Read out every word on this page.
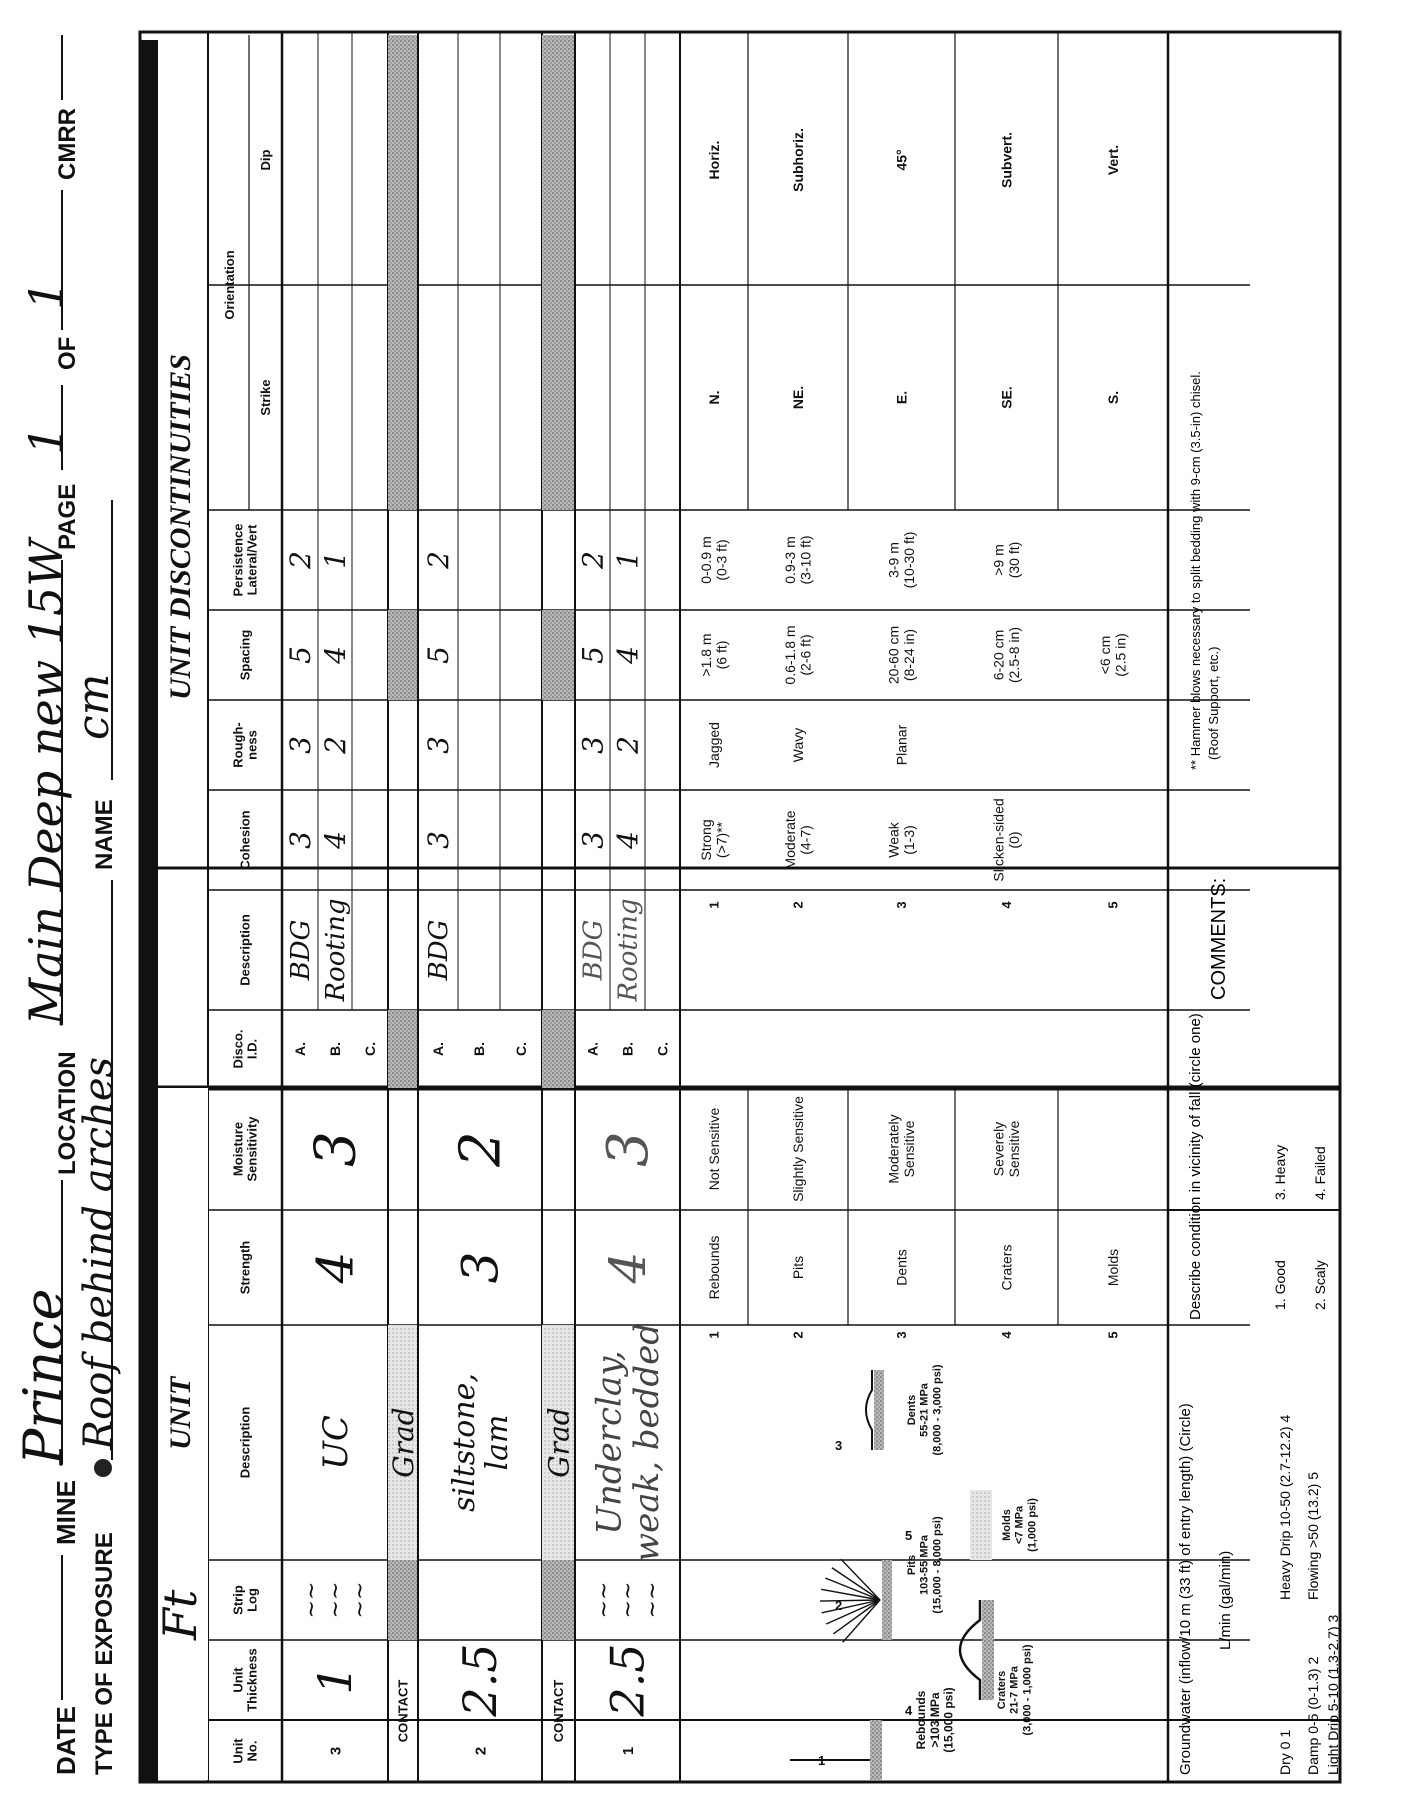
DATE
MINE
Prince
LOCATION
Main Deep new 15W
PAGE
1
OF
1
CMRR
TYPE OF EXPOSURE
Roof behind arches
NAME
cm
UNIT
Ft
UNIT DISCONTINUITIES
Unit No.
Unit Thickness
Strip Log
Description
Strength
Moisture Sensitivity
Disco. I.D.
Description
Cohesion
Rough- ness
Spacing
Persistence Lateral/Vert
Orientation
Strike
Dip
A.
BDG
3
3
5
2
B.
Rooting
4
2
4
1
C.
3
1
~~ ~~ ~~
UC
4
3
CONTACT
Grad
A.
BDG
3
3
5
2
B. C.
2
2.5
siltstone,
lam
3
2
CONTACT
Grad
A.
BDG
3
3
5
2
B.
Rooting
4
2
4
1
C.
1
2.5
~~ ~~ ~~
Underclay,
weak, bedded
4
3
Rebounds
Not Sensitive
1
1
Strong (>7)**
Jagged
>1.8 m (6 ft)
0-0.9 m (0-3 ft)
N.
Horiz.
Pits
Slightly Sensitive
2
2
Moderate (4-7)
Wavy
0.6-1.8 m (2-6 ft)
0.9-3 m (3-10 ft)
NE.
Subhoriz.
Dents
Moderately Sensitive
3
3
Weak (1-3)
Planar
20-60 cm (8-24 in)
3-9 m (10-30 ft)
E.
45°
Craters
Severely Sensitive
4
4
Slicken-sided (0)
6-20 cm (2.5-8 in)
>9 m (30 ft)
SE.
Subvert.
Molds
5
5
<6 cm (2.5 in)
S.
Vert.
Rebounds >103 MPa (15,000 psi)
Pits 103-55 MPa (15,000 - 8,000 psi)
Dents 55-21 MPa (8,000 - 3,000 psi)
Craters 21-7 MPa (3,000 - 1,000 psi)
Molds <7 MPa (1,000 psi)
1
2
3
4
5	Groundwater (inflow/10 m (33 ft) of entry length) (Circle) L/min (gal/min)
Dry 0 1 Damp 0-5 (0-1.3) 2 Light Drip 5-10 (1.3-2.7) 3
Heavy Drip 10-50 (2.7-12.2) 4 Flowing >50 (13.2) 5
Describe condition in vicinity of fall (circle one)	1. Good
3. Heavy
2. Scaly
4. Failed
COMMENTS:
** Hammer blows necessary to split bedding with 9-cm (3.5-in) chisel. (Roof Support, etc.)
